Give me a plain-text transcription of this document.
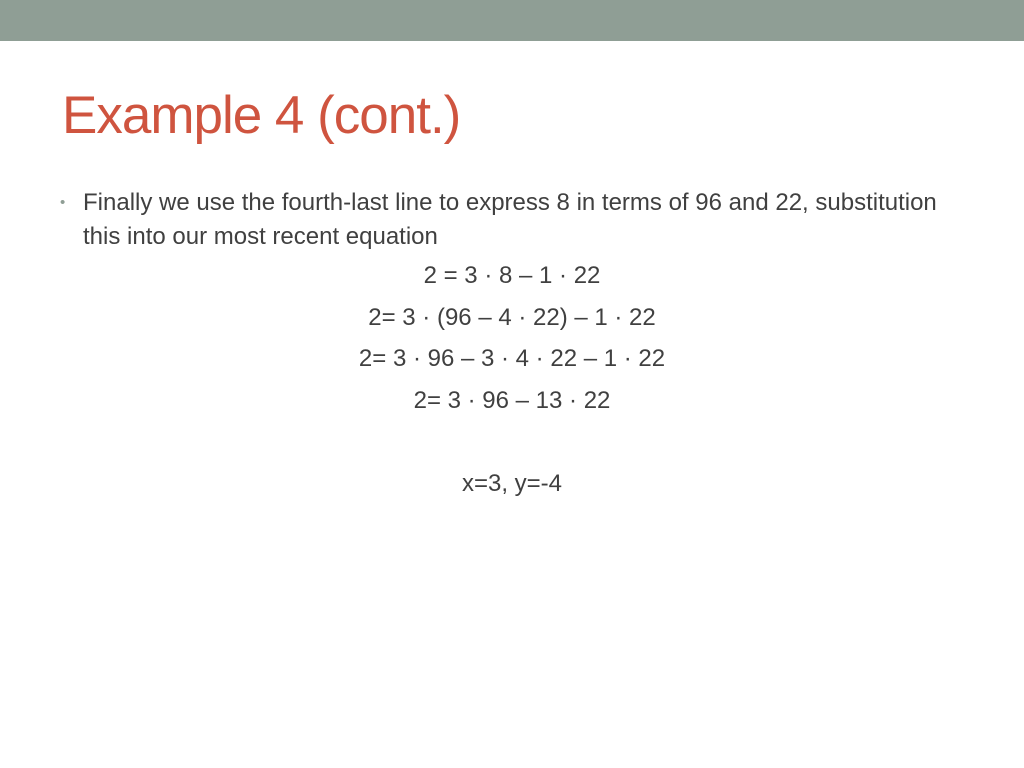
Example 4 (cont.)
• Finally we use the fourth-last line to express 8 in terms of 96 and 22, substitution this into our most recent equation
2 = 3 · 8 – 1 · 22
2= 3 · (96 – 4 · 22) – 1 · 22
2= 3 · 96 – 3 · 4 · 22 – 1 · 22
2= 3 · 96 – 13 · 22
x=3, y=-4
